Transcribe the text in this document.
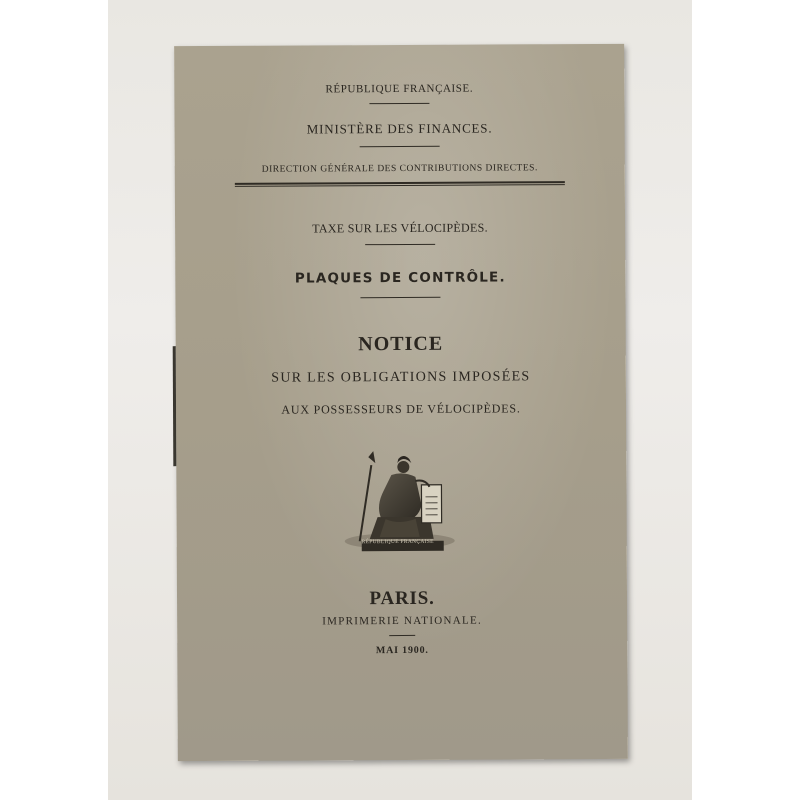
RÉPUBLIQUE FRANÇAISE.
MINISTÈRE DES FINANCES.
DIRECTION GÉNÉRALE DES CONTRIBUTIONS DIRECTES.
TAXE SUR LES VÉLOCIPÈDES.
PLAQUES DE CONTRÔLE.
NOTICE
SUR LES OBLIGATIONS IMPOSÉES
AUX POSSESSEURS DE VÉLOCIPÈDES.
RÉPUBLIQUE FRANÇAISE
PARIS.
IMPRIMERIE NATIONALE.
MAI 1900.
